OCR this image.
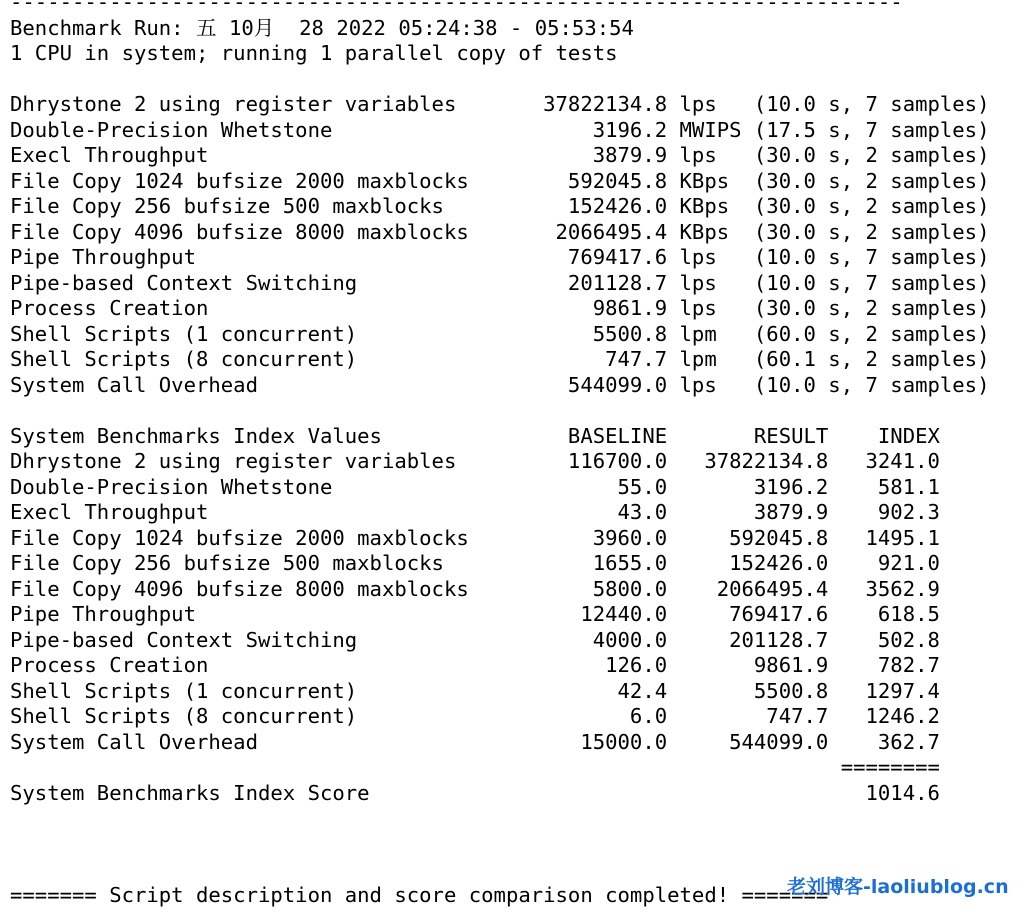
------------------------------------------------------------------------
Benchmark Run: 五 10月  28 2022 05:24:38 - 05:53:54
1 CPU in system; running 1 parallel copy of tests

Dhrystone 2 using register variables       37822134.8 lps   (10.0 s, 7 samples)
Double-Precision Whetstone                     3196.2 MWIPS (17.5 s, 7 samples)
Execl Throughput                               3879.9 lps   (30.0 s, 2 samples)
File Copy 1024 bufsize 2000 maxblocks        592045.8 KBps  (30.0 s, 2 samples)
File Copy 256 bufsize 500 maxblocks          152426.0 KBps  (30.0 s, 2 samples)
File Copy 4096 bufsize 8000 maxblocks       2066495.4 KBps  (30.0 s, 2 samples)
Pipe Throughput                              769417.6 lps   (10.0 s, 7 samples)
Pipe-based Context Switching                 201128.7 lps   (10.0 s, 7 samples)
Process Creation                               9861.9 lps   (30.0 s, 2 samples)
Shell Scripts (1 concurrent)                   5500.8 lpm   (60.0 s, 2 samples)
Shell Scripts (8 concurrent)                    747.7 lpm   (60.1 s, 2 samples)
System Call Overhead                         544099.0 lps   (10.0 s, 7 samples)

System Benchmarks Index Values               BASELINE       RESULT    INDEX
Dhrystone 2 using register variables         116700.0   37822134.8   3241.0
Double-Precision Whetstone                       55.0       3196.2    581.1
Execl Throughput                                 43.0       3879.9    902.3
File Copy 1024 bufsize 2000 maxblocks          3960.0     592045.8   1495.1
File Copy 256 bufsize 500 maxblocks            1655.0     152426.0    921.0
File Copy 4096 bufsize 8000 maxblocks          5800.0    2066495.4   3562.9
Pipe Throughput                               12440.0     769417.6    618.5
Pipe-based Context Switching                   4000.0     201128.7    502.8
Process Creation                                126.0       9861.9    782.7
Shell Scripts (1 concurrent)                     42.4       5500.8   1297.4
Shell Scripts (8 concurrent)                      6.0        747.7   1246.2
System Call Overhead                          15000.0     544099.0    362.7
========
System Benchmarks Index Score                                        1014.6

======= Script description and score comparison completed! =======
老刘博客-laoliublog.cn
